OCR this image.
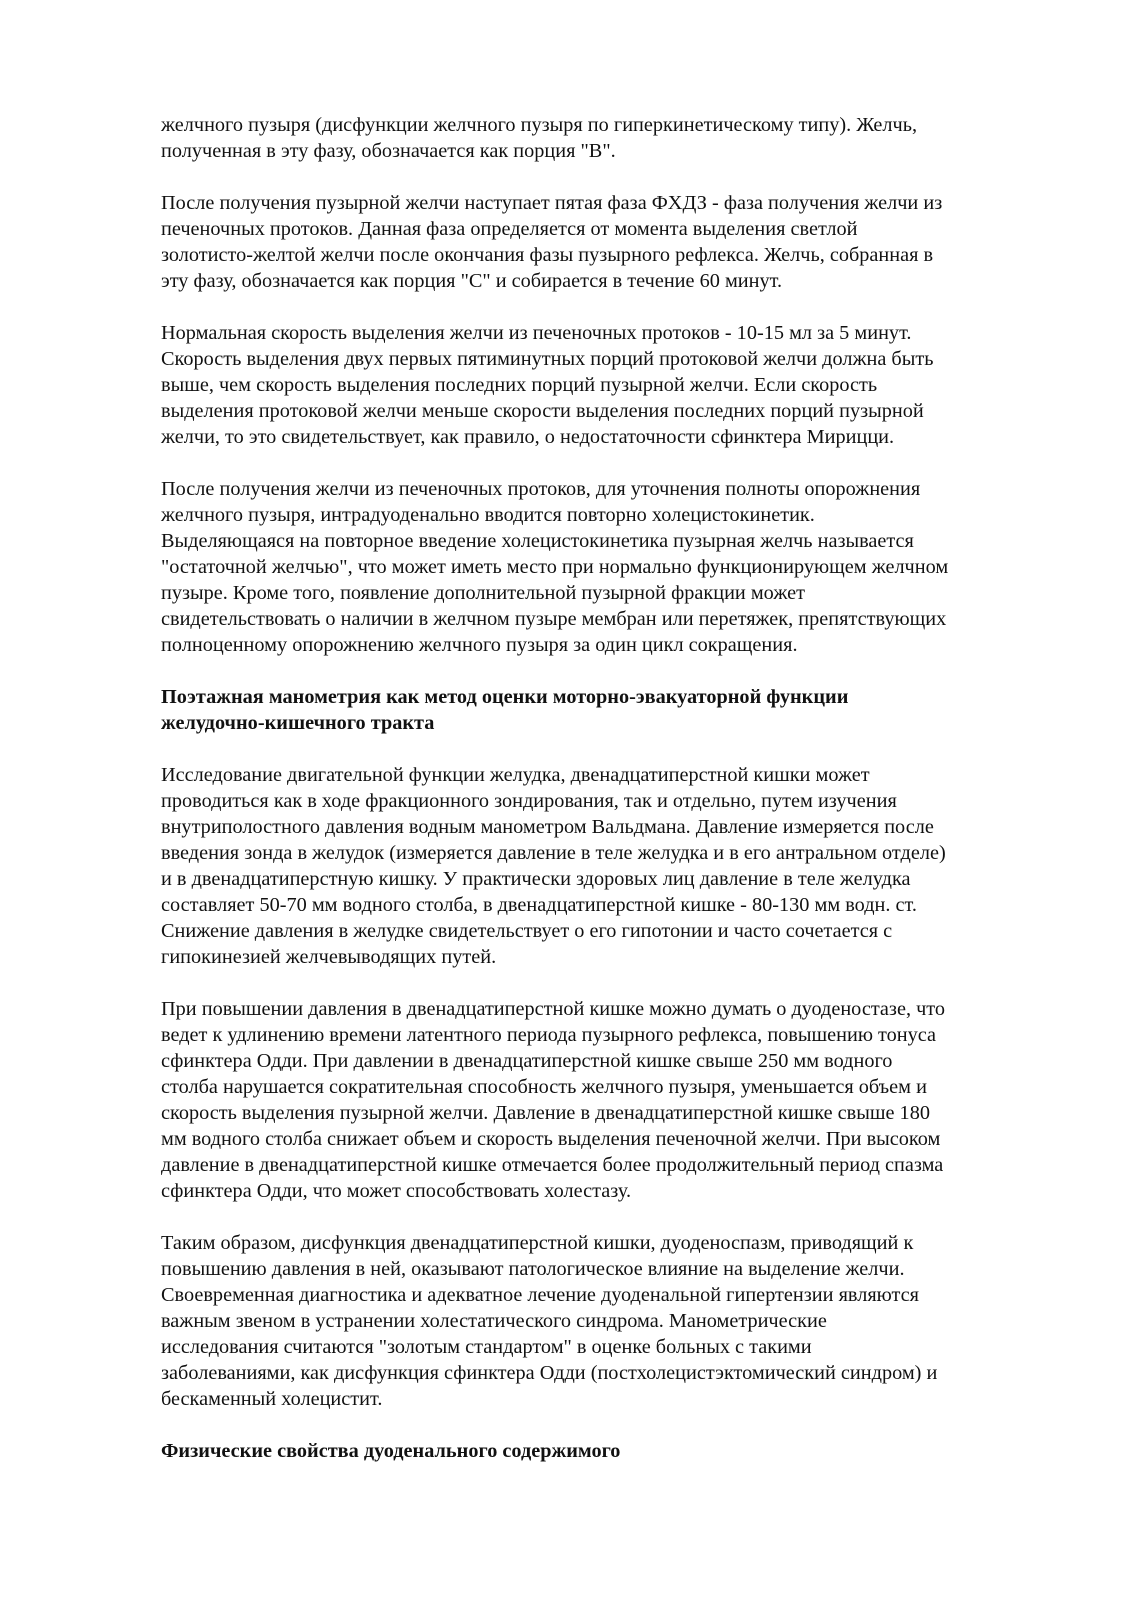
желчного пузыря (дисфункции желчного пузыря по гиперкинетическому типу). Желчь,
полученная в эту фазу, обозначается как порция "В".

После получения пузырной желчи наступает пятая фаза ФХДЗ - фаза получения желчи из
печеночных протоков. Данная фаза определяется от момента выделения светлой
золотисто-желтой желчи после окончания фазы пузырного рефлекса. Желчь, собранная в
эту фазу, обозначается как порция "С" и собирается в течение 60 минут.

Нормальная скорость выделения желчи из печеночных протоков - 10-15 мл за 5 минут.
Скорость выделения двух первых пятиминутных порций протоковой желчи должна быть
выше, чем скорость выделения последних порций пузырной желчи. Если скорость
выделения протоковой желчи меньше скорости выделения последних порций пузырной
желчи, то это свидетельствует, как правило, о недостаточности сфинктера Мирицци.

После получения желчи из печеночных протоков, для уточнения полноты опорожнения
желчного пузыря, интрадуоденально вводится повторно холецистокинетик.
Выделяющаяся на повторное введение холецистокинетика пузырная желчь называется
"остаточной желчью", что может иметь место при нормально функционирующем желчном
пузыре. Кроме того, появление дополнительной пузырной фракции может
свидетельствовать о наличии в желчном пузыре мембран или перетяжек, препятствующих
полноценному опорожнению желчного пузыря за один цикл сокращения.

Поэтажная манометрия как метод оценки моторно-эвакуаторной функции
желудочно-кишечного тракта

Исследование двигательной функции желудка, двенадцатиперстной кишки может
проводиться как в ходе фракционного зондирования, так и отдельно, путем изучения
внутриполостного давления водным манометром Вальдмана. Давление измеряется после
введения зонда в желудок (измеряется давление в теле желудка и в его антральном отделе)
и в двенадцатиперстную кишку. У практически здоровых лиц давление в теле желудка
составляет 50-70 мм водного столба, в двенадцатиперстной кишке - 80-130 мм водн. ст.
Снижение давления в желудке свидетельствует о его гипотонии и часто сочетается с
гипокинезией желчевыводящих путей.

При повышении давления в двенадцатиперстной кишке можно думать о дуоденостазе, что
ведет к удлинению времени латентного периода пузырного рефлекса, повышению тонуса
сфинктера Одди. При давлении в двенадцатиперстной кишке свыше 250 мм водного
столба нарушается сократительная способность желчного пузыря, уменьшается объем и
скорость выделения пузырной желчи. Давление в двенадцатиперстной кишке свыше 180
мм водного столба снижает объем и скорость выделения печеночной желчи. При высоком
давление в двенадцатиперстной кишке отмечается более продолжительный период спазма
сфинктера Одди, что может способствовать холестазу.

Таким образом, дисфункция двенадцатиперстной кишки, дуоденоспазм, приводящий к
повышению давления в ней, оказывают патологическое влияние на выделение желчи.
Своевременная диагностика и адекватное лечение дуоденальной гипертензии являются
важным звеном в устранении холестатического синдрома. Манометрические
исследования считаются "золотым стандартом" в оценке больных с такими
заболеваниями, как дисфункция сфинктера Одди (постхолецистэктомический синдром) и
бескаменный холецистит.

Физические свойства дуоденального содержимого
